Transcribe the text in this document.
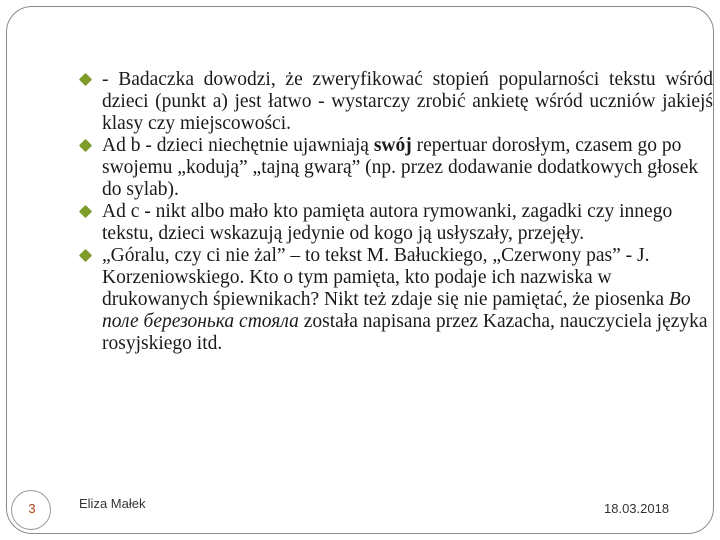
- Badaczka dowodzi, że zweryfikować stopień popularności tekstu wśród dzieci (punkt a) jest łatwo - wystarczy zrobić ankietę wśród uczniów jakiejś klasy czy miejscowości.
Ad b - dzieci niechętnie ujawniają swój repertuar dorosłym, czasem go po swojemu „kodują” „tajną gwarą” (np. przez dodawanie dodatkowych głosek do sylab).
Ad c - nikt albo mało kto pamięta autora rymowanki, zagadki czy innego tekstu, dzieci wskazują jedynie od kogo ją usłyszały, przejęły.
„Góralu, czy ci nie żal” – to tekst M. Bałuckiego, „Czerwony pas” - J. Korzeniowskiego. Kto o tym pamięta, kto podaje ich nazwiska w drukowanych śpiewnikach? Nikt też zdaje się nie pamiętać, że piosenka Во поле березонька стояла została napisana przez Kazacha, nauczyciela języka rosyjskiego itd.
3	Eliza Małek	18.03.2018
